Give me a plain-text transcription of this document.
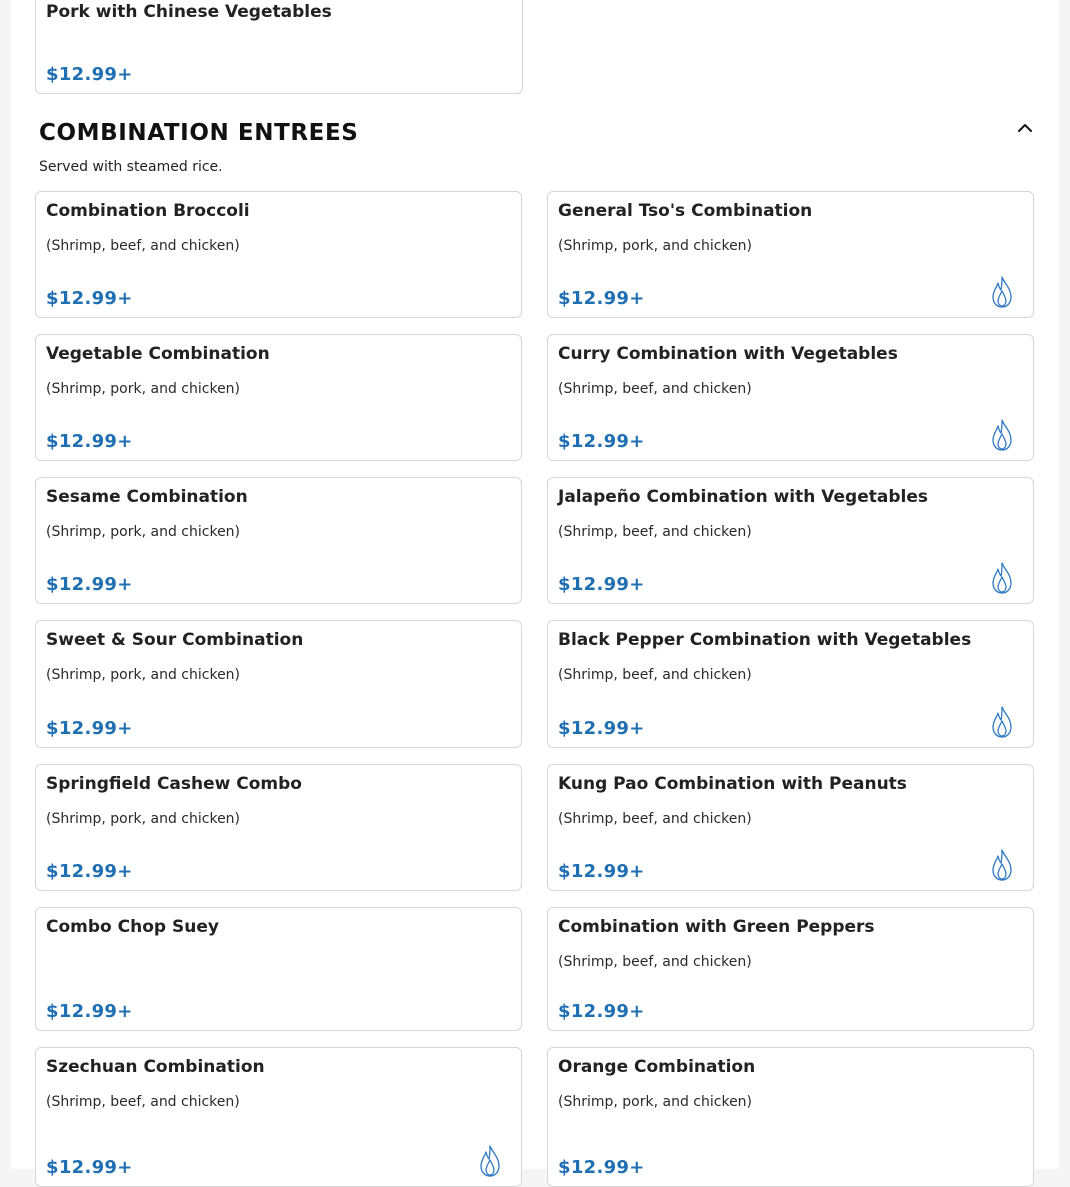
Pork with Chinese Vegetables
$12.99+
COMBINATION ENTREES
Served with steamed rice.
Combination Broccoli
(Shrimp, beef, and chicken)
$12.99+
General Tso's Combination
(Shrimp, pork, and chicken)
$12.99+
Vegetable Combination
(Shrimp, pork, and chicken)
$12.99+
Curry Combination with Vegetables
(Shrimp, beef, and chicken)
$12.99+
Sesame Combination
(Shrimp, pork, and chicken)
$12.99+
Jalapeño Combination with Vegetables
(Shrimp, beef, and chicken)
$12.99+
Sweet & Sour Combination
(Shrimp, pork, and chicken)
$12.99+
Black Pepper Combination with Vegetables
(Shrimp, beef, and chicken)
$12.99+
Springfield Cashew Combo
(Shrimp, pork, and chicken)
$12.99+
Kung Pao Combination with Peanuts
(Shrimp, beef, and chicken)
$12.99+
Combo Chop Suey
$12.99+
Combination with Green Peppers
(Shrimp, beef, and chicken)
$12.99+
Szechuan Combination
(Shrimp, beef, and chicken)
$12.99+
Orange Combination
(Shrimp, pork, and chicken)
$12.99+
